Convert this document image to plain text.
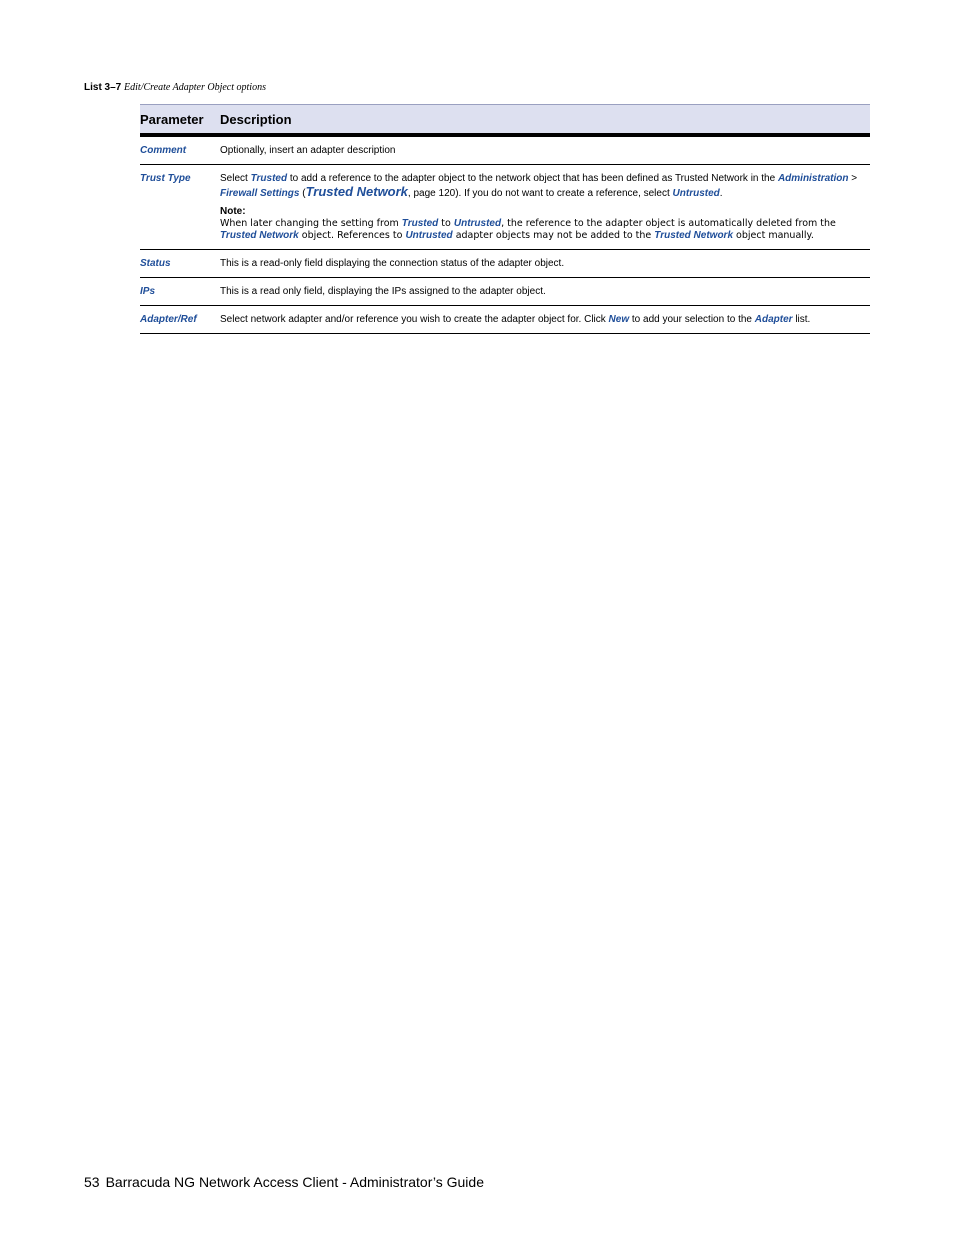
List 3–7 Edit/Create Adapter Object options
Parameter	Description
Comment	Optionally, insert an adapter description
Trust Type	Select Trusted to add a reference to the adapter object to the network object that has been defined as Trusted Network in the Administration > Firewall Settings (Trusted Network, page 120). If you do not want to create a reference, select Untrusted.
Note:
When later changing the setting from Trusted to Untrusted, the reference to the adapter object is automatically deleted from the Trusted Network object. References to Untrusted adapter objects may not be added to the Trusted Network object manually.

Status	This is a read-only field displaying the connection status of the adapter object.
IPs	This is a read only field, displaying the IPs assigned to the adapter object.
Adapter/Ref	Select network adapter and/or reference you wish to create the adapter object for. Click New to add your selection to the Adapter list.
53 Barracuda NG Network Access Client - Administrator’s Guide
